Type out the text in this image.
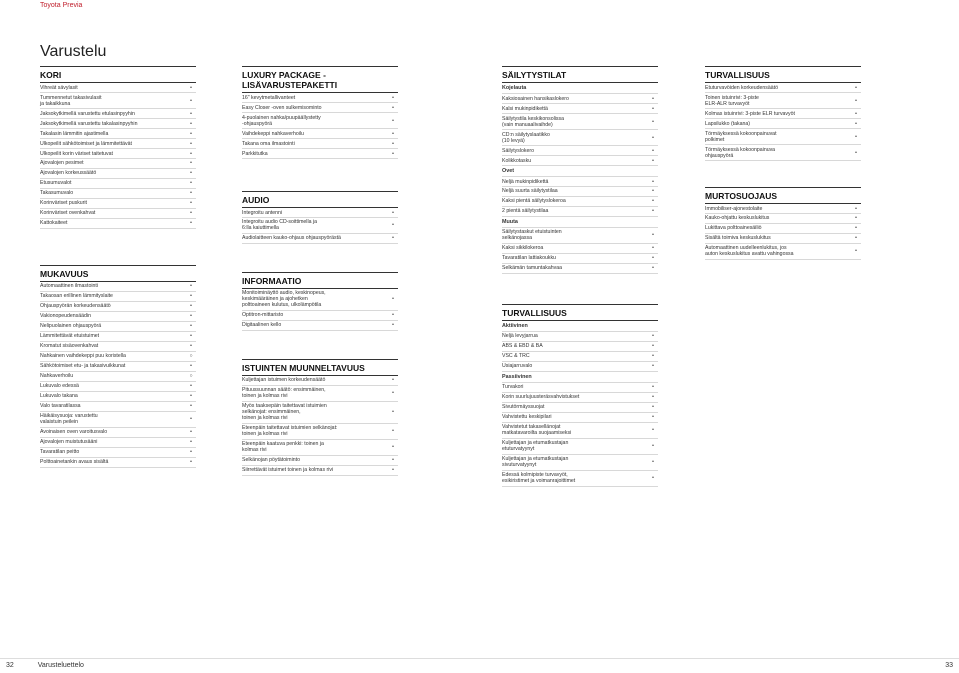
Toyota Previa
Varustelu
KORI
Vihreät sävylasit	•
Tummennetut takasivulasit
ja takaikkuna	•
Jaksokytkimellä varustettu etulasinpyyhin	•
Jaksokytkimellä varustettu takalasinpyyhin	•
Takalasin lämmitin ajastimella	•
Ulkopeilit sähkötoimiset ja lämmitettävät	•
Ulkopeilit korin väriset taitetuvat	•
Ajovalojen pesimet	•
Ajovalojen korkeussäätö	•
Etusumuvalot	•
Takasumuvalo	•
Korinväriset puskurit	•
Korinväriset ovenkahvat	•
Kattokaiteet	•
MUKAVUUS
Automaattinen ilmastointi	•
Takaosan erillinen lämmityslaite	•
Ohjauspyörän korkeudensäätö	•
Vakionopeudensäädin	•
Nelipuolainen ohjauspyörä	•
Lämmitettävät etuistuimet	•
Kromatut sisäovenkahvat	•
Nahkainen vaihdekeppi puu koristella	○
Sähkötoimiset etu- ja takasivuikkunat	•
Nahkaverhoilu	○
Lukuvalo edessä	•
Lukuvalo takana	•
Valo tavaratilassa	•
Häikäisysuoja: varustettu
valaistuin peilein	•
Avoinaisen oven varoitusvalo	•
Ajovalojen muistutusääni	•
Tavaratilan peitto	•
Polttoainetankin avaus sisältä	•
LUXURY PACKAGE -LISÄVARUSTEPAKETTI
16" kevytmetallivanteet	•
Easy Closer -oven sulkemisominto	•
4-puolainen nahka/puupäällystetty
-ohjauspyörä	•
Vaihdekeppi nahkaverhoilu	•
Takana oma ilmastointi	•
Parkkitutka	•
AUDIO
Integroitu antenni	•
Integroitu audio CD-soittimella ja
6:lla kaiuttimella	•
Audiolaitteen kauko-ohjaus ohjauspyörästä	•
INFORMAATIO
Monitoiminäyttö audio, keskinopeus,
keskimääräinen ja ajohetken
polttoaineen kulutus, ulkolämpötila
•
Optitron-mittaristo	•
Digitaalinen kello	•
ISTUINTEN MUUNNELTAVUUS
Kuljettajan istuimen korkeudensäätö	•
Pituussuunnan säätö: ensimmäinen,
toinen ja kolmas rivi	•
Myös taaksepäin taitettavat istuimien
selkänojat: ensimmäinen,
toinen ja kolmas rivi
•
Eteenpäin taitettavat istuimien selkänojat:
toinen ja kolmas rivi	•
Eteenpäin kaatuva penkki: toinen ja
kolmas rivi	•
Selkänojan pöytätoiminto	•
Siirrettävät istuimet toinen ja kolmas rivi	•
SÄILYTYSTILAT
Kojelauta
Kaksiosainen hansikaslokero	•
Kalsi mukinpidikettä	•
Säilytystila keskikonsolissa
(vain manuaalivaihde)	•
CD:n säilytyslaatikko
(10 levyä)	•
Säilytyslokero	•
Kolikkotasku	•
Ovet
Neljä mukinpidikettä	•
Neljä suurta säilytystilaa	•
Kaksi pientä säilytyslokeroa	•
2 pientä säilytystilaa	•
Muuta
Säilytystaskut etuistuinten
selkänojassa	•
Kaksi sikkilokeroa	•
Tavaratilan lattiakoukku	•
Selkämän tamuntakahvaa	•
TURVALLISUUS
Aktiivinen
Neljä levyjarrua	•
ABS & EBD & BA	•
VSC & TRC	•
Usiajarruvalo	•
Passiivinen
Turvakori	•
Korin suurlujuusteräsvahvistukset	•
Sivutörmäyssuojat	•
Vahvistettu keskipilari	•
Vahvistetut takasellänojat
matkatavaroilta suojaamiseksi	•
Kuljettajan ja etumatkustajan
etuturvatyynyt	•
Kuljettajan ja etumatkustajan
sivuturvatyynyt	•
Edessä kolmipiste turvavyöt,
esikiristimet ja voimanrajoittimet	•
TURVALLISUUS
Etuturvavöiden korkeudensäätö	•
Toinen istuinrivi: 3-piste
ELR-ALR turvavyöt	•
Kolmas istuinrivi: 3-piste ELR turvavyöt	•
Lapsilukko (takana)	•
Törmäyksessä kokoonpainuvat
polkimet	•
Törmäyksessä kokoonpainuva
ohjauspyörä	•
MURTOSUOJAUS
Immobiliser-ajonestolaite	•
Kauko-ohjattu keskuslukitus	•
Lukittava polttoainesäiliö	•
Sisältä toimiva keskuslukitus	•
Automaattinen uudelleenlukitus, jos
auton keskuslukitus avattu vahingossa	•
32	Varusteluettelo	33
